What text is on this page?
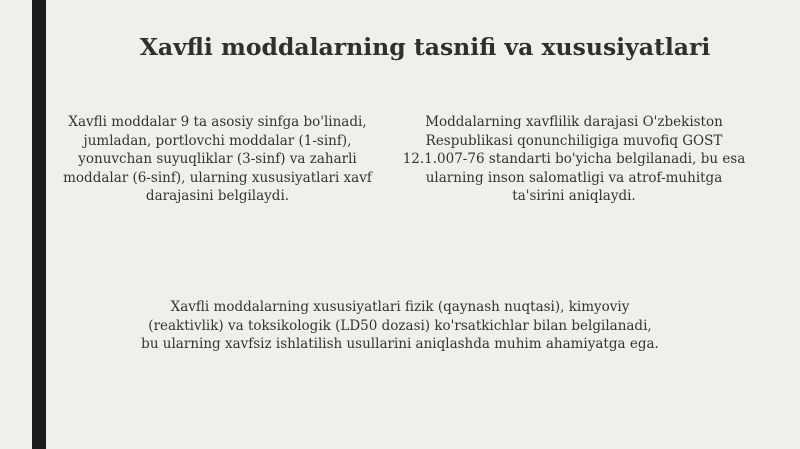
Xavfli moddalarning tasnifi va xususiyatlari

Xavfli moddalar 9 ta asosiy sinfga bo'linadi, jumladan, portlovchi moddalar (1-sinf), yonuvchan suyuqliklar (3-sinf) va zaharli moddalar (6-sinf), ularning xususiyatlari xavf darajasini belgilaydi.

Moddalarning xavflilik darajasi O'zbekiston Respublikasi qonunchiligiga muvofiq GOST 12.1.007-76 standarti bo'yicha belgilanadi, bu esa ularning inson salomatligi va atrof-muhitga ta'sirini aniqlaydi.

Xavfli moddalarning xususiyatlari fizik (qaynash nuqtasi), kimyoviy (reaktivlik) va toksikologik (LD50 dozasi) ko'rsatkichlar bilan belgilanadi, bu ularning xavfsiz ishlatilish usullarini aniqlashda muhim ahamiyatga ega.
